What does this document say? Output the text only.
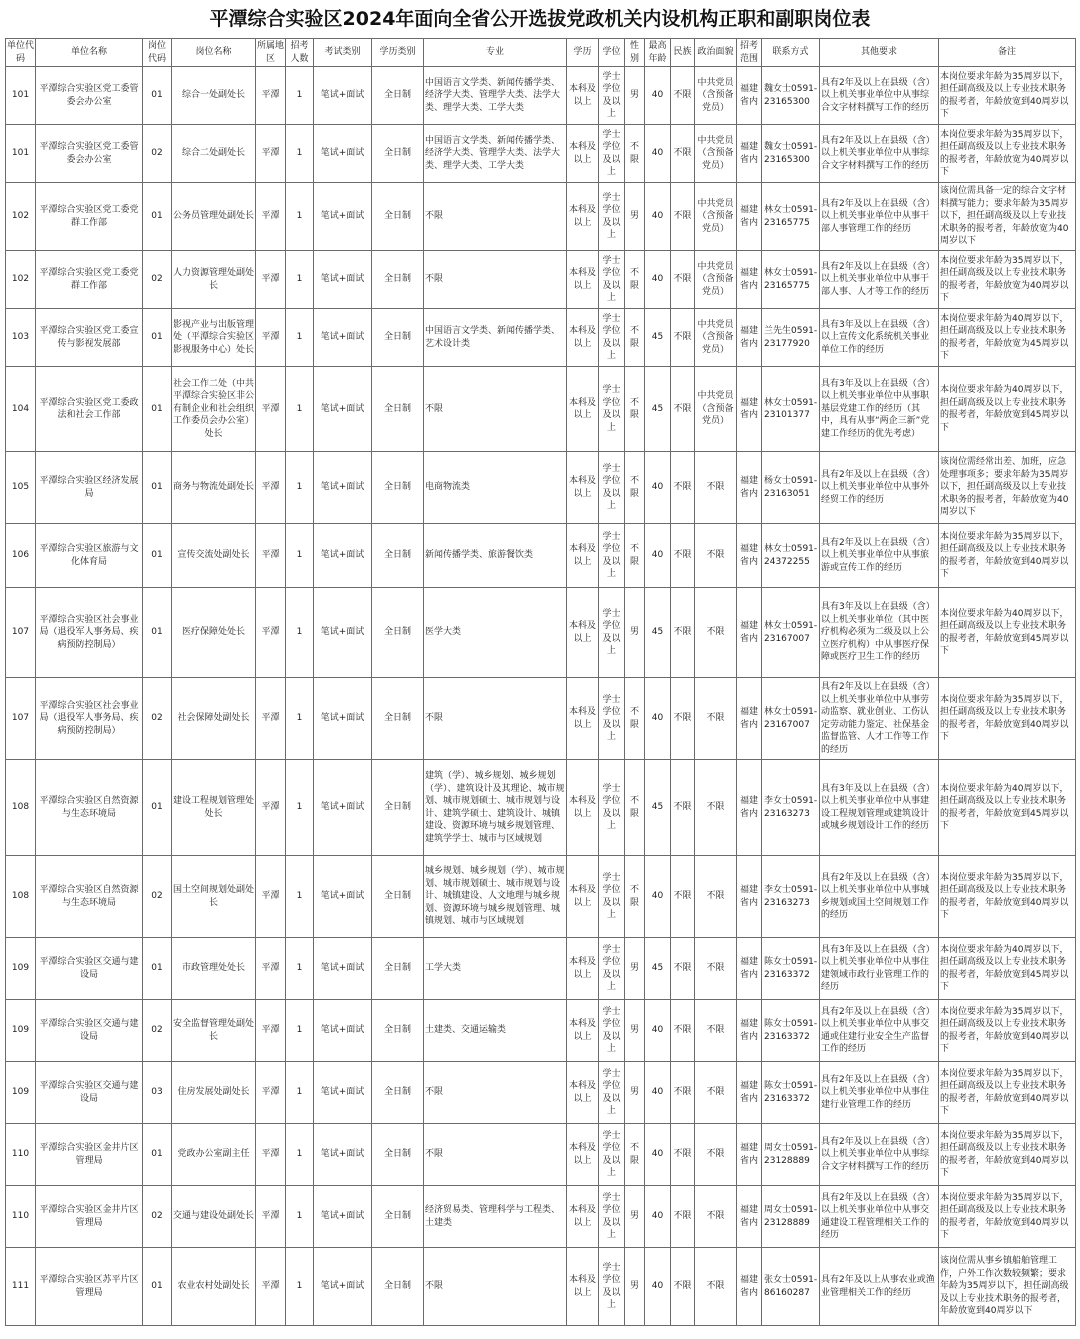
平潭综合实验区2024年面向全省公开选拔党政机关内设机构正职和副职岗位表
单位代码	单位名称	岗位代码	岗位名称	所属地区	招考人数	考试类别	学历类别	专业	学历	学位	性别	最高年龄	民族	政治面貌	招考范围	联系方式	其他要求	备注
101	平潭综合实验区党工委管委会办公室	01	综合一处副处长	平潭	1	笔试+面试	全日制	中国语言文学类、新闻传播学类、经济学大类、管理学大类、法学大类、理学大类、工学大类	本科及以上	学士学位及以上	男	40	不限	中共党员（含预备党员）	福建省内	魏女士0591-23165300	具有2年及以上在县级（含）以上机关事业单位中从事综合文字材料撰写工作的经历	本岗位要求年龄为35周岁以下，担任副高级及以上专业技术职务的报考者，年龄放宽到40周岁以下
101	平潭综合实验区党工委管委会办公室	02	综合二处副处长	平潭	1	笔试+面试	全日制	中国语言文学类、新闻传播学类、经济学大类、管理学大类、法学大类、理学大类、工学大类	本科及以上	学士学位及以上	不限	40	不限	中共党员（含预备党员）	福建省内	魏女士0591-23165300	具有2年及以上在县级（含）以上机关事业单位中从事综合文字材料撰写工作的经历	本岗位要求年龄为35周岁以下，担任副高级及以上专业技术职务的报考者，年龄放宽为40周岁以下
102	平潭综合实验区党工委党群工作部	01	公务员管理处副处长	平潭	1	笔试+面试	全日制	不限	本科及以上	学士学位及以上	男	40	不限	中共党员（含预备党员）	福建省内	林女士0591-23165775	具有2年及以上在县级（含）以上机关事业单位中从事干部人事管理工作的经历	该岗位需具备一定的综合文字材料撰写能力；要求年龄为35周岁以下，担任副高级及以上专业技术职务的报考者，年龄放宽为40周岁以下
102	平潭综合实验区党工委党群工作部	02	人力资源管理处副处长	平潭	1	笔试+面试	全日制	不限	本科及以上	学士学位及以上	不限	40	不限	中共党员（含预备党员）	福建省内	林女士0591-23165775	具有2年及以上在县级（含）以上机关事业单位中从事干部人事、人才等工作的经历	本岗位要求年龄为35周岁以下，担任副高级及以上专业技术职务的报考者，年龄放宽为40周岁以下
103	平潭综合实验区党工委宣传与影视发展部	01	影视产业与出版管理处（平潭综合实验区影视服务中心）处长	平潭	1	笔试+面试	全日制	中国语言文学类、新闻传播学类、艺术设计类	本科及以上	学士学位及以上	不限	45	不限	中共党员（含预备党员）	福建省内	兰先生0591-23177920	具有3年及以上在县级（含）以上宣传文化系统机关事业单位工作的经历	本岗位要求年龄为40周岁以下，担任副高级及以上专业技术职务的报考者，年龄放宽为45周岁以下
104	平潭综合实验区党工委政法和社会工作部	01	社会工作二处（中共平潭综合实验区非公有制企业和社会组织工作委员会办公室）处长	平潭	1	笔试+面试	全日制	不限	本科及以上	学士学位及以上	不限	45	不限	中共党员（含预备党员）	福建省内	林女士0591-23101377	具有3年及以上在县级（含）以上机关事业单位中从事职基层党建工作的经历（其中，具有从事“两企三新”党建工作经历的优先考虑）	本岗位要求年龄为40周岁以下，担任副高级及以上专业技术职务的报考者，年龄放宽到45周岁以下
105	平潭综合实验区经济发展局	01	商务与物流处副处长	平潭	1	笔试+面试	全日制	电商物流类	本科及以上	学士学位及以上	不限	40	不限	不限	福建省内	杨女士0591-23163051	具有2年及以上在县级（含）以上机关事业单位中从事外经贸工作的经历	该岗位需经常出差、加班，应急处理事项多；要求年龄为35周岁以下，担任副高级及以上专业技术职务的报考者，年龄放宽为40周岁以下
106	平潭综合实验区旅游与文化体育局	01	宣传交流处副处长	平潭	1	笔试+面试	全日制	新闻传播学类、旅游餐饮类	本科及以上	学士学位及以上	不限	40	不限	不限	福建省内	林女士0591-24372255	具有2年及以上在县级（含）以上机关事业单位中从事旅游或宣传工作的经历	本岗位要求年龄为35周岁以下，担任副高级及以上专业技术职务的报考者，年龄放宽到40周岁以下
107	平潭综合实验区社会事业局（退役军人事务局、疾病预防控制局）	01	医疗保障处处长	平潭	1	笔试+面试	全日制	医学大类	本科及以上	学士学位及以上	男	45	不限	不限	福建省内	林女士0591-23167007	具有3年及以上在县级（含）以上机关事业单位（其中医疗机构必须为二级及以上公立医疗机构）中从事医疗保障或医疗卫生工作的经历	本岗位要求年龄为40周岁以下，担任副高级及以上专业技术职务的报考者，年龄放宽到45周岁以下
107	平潭综合实验区社会事业局（退役军人事务局、疾病预防控制局）	02	社会保障处副处长	平潭	1	笔试+面试	全日制	不限	本科及以上	学士学位及以上	不限	40	不限	不限	福建省内	林女士0591-23167007	具有2年及以上在县级（含）以上机关事业单位中从事劳动监察、就业创业、工伤认定劳动能力鉴定、社保基金监督监管、人才工作等工作的经历	本岗位要求年龄为35周岁以下，担任副高级及以上专业技术职务的报考者，年龄放宽到40周岁以下
108	平潭综合实验区自然资源与生态环境局	01	建设工程规划管理处处长	平潭	1	笔试+面试	全日制	建筑（学）、城乡规划、城乡规划（学）、建筑设计及其理论、城市规划、城市规划硕士、城市规划与设计、建筑学硕士、建筑设计、城镇建设、资源环境与城乡规划管理、建筑学学士、城市与区域规划	本科及以上	学士学位及以上	不限	45	不限	不限	福建省内	李女士0591-23163273	具有3年及以上在县级（含）以上机关事业单位中从事建设工程规划管理或建筑设计或城乡规划设计工作的经历	本岗位要求年龄为40周岁以下，担任副高级及以上专业技术职务的报考者，年龄放宽到45周岁以下
108	平潭综合实验区自然资源与生态环境局	02	国土空间规划处副处长	平潭	1	笔试+面试	全日制	城乡规划、城乡规划（学）、城市规划、城市规划硕士、城市规划与设计、城镇建设、人文地理与城乡规划、资源环境与城乡规划管理、城镇规划、城市与区域规划	本科及以上	学士学位及以上	不限	40	不限	不限	福建省内	李女士0591-23163273	具有2年及以上在县级（含）以上机关事业单位中从事城乡规划或国土空间规划工作的经历	本岗位要求年龄为35周岁以下，担任副高级及以上专业技术职务的报考者，年龄放宽到40周岁以下
109	平潭综合实验区交通与建设局	01	市政管理处处长	平潭	1	笔试+面试	全日制	工学大类	本科及以上	学士学位及以上	男	45	不限	不限	福建省内	陈女士0591-23163372	具有3年及以上在县级（含）以上机关事业单位中从事住建领域市政行业管理工作的经历	本岗位要求年龄为40周岁以下，担任副高级及以上专业技术职务的报考者，年龄放宽到45周岁以下
109	平潭综合实验区交通与建设局	02	安全监督管理处副处长	平潭	1	笔试+面试	全日制	土建类、交通运输类	本科及以上	学士学位及以上	男	40	不限	不限	福建省内	陈女士0591-23163372	具有2年及以上在县级（含）以上机关事业单位中从事交通或住建行业安全生产监督工作的经历	本岗位要求年龄为35周岁以下，担任副高级及以上专业技术职务的报考者，年龄放宽到40周岁以下
109	平潭综合实验区交通与建设局	03	住房发展处副处长	平潭	1	笔试+面试	全日制	不限	本科及以上	学士学位及以上	男	40	不限	不限	福建省内	陈女士0591-23163372	具有2年及以上在县级（含）以上机关事业单位中从事住建行业管理工作的经历	本岗位要求年龄为35周岁以下，担任副高级及以上专业技术职务的报考者，年龄放宽到40周岁以下
110	平潭综合实验区金井片区管理局	01	党政办公室副主任	平潭	1	笔试+面试	全日制	不限	本科及以上	学士学位及以上	不限	40	不限	不限	福建省内	周女士0591-23128889	具有2年及以上在县级（含）以上机关事业单位中从事综合文字材料撰写工作的经历	本岗位要求年龄为35周岁以下，担任副高级及以上专业技术职务的报考者，年龄放宽到40周岁以下
110	平潭综合实验区金井片区管理局	02	交通与建设处副处长	平潭	1	笔试+面试	全日制	经济贸易类、管理科学与工程类、土建类	本科及以上	学士学位及以上	男	40	不限	不限	福建省内	周女士0591-23128889	具有2年及以上在县级（含）以上机关事业单位中从事交通建设工程管理相关工作的经历	本岗位要求年龄为35周岁以下，担任副高级及以上专业技术职务的报考者，年龄放宽到40周岁以下
111	平潭综合实验区苏平片区管理局	01	农业农村处副处长	平潭	1	笔试+面试	全日制	不限	本科及以上	学士学位及以上	男	40	不限	不限	福建省内	张女士0591-86160287	具有2年及以上从事农业或渔业管理相关工作的经历	该岗位需从事乡镇船舶管理工作，户外工作次数较频繁；要求年龄为35周岁以下，担任副高级及以上专业技术职务的报考者，年龄放宽到40周岁以下
